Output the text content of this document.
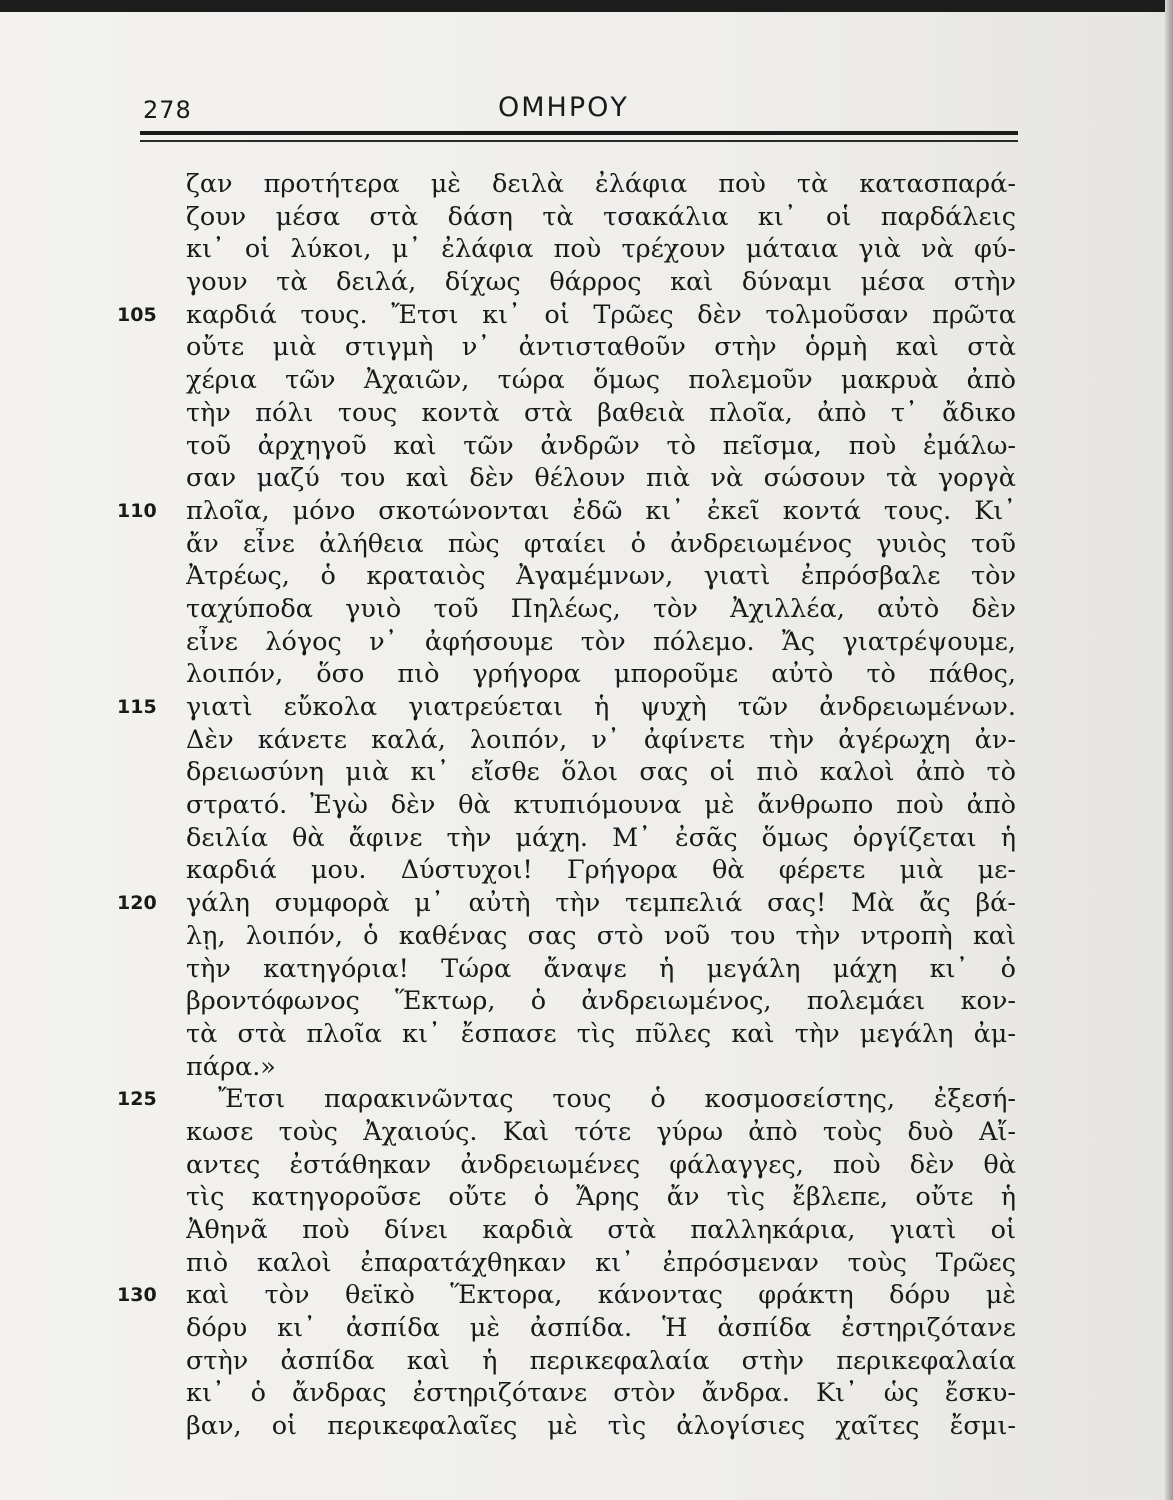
278	ΟΜΗΡΟΥ
ζαν προτήτερα μὲ δειλὰ ἐλάφια ποὺ τὰ κατασπαρά-
ζουν μέσα στὰ δάση τὰ τσακάλια κι᾿ οἱ παρδάλεις
κι᾿ οἱ λύκοι, μ᾿ ἐλάφια ποὺ τρέχουν μάταια γιὰ νὰ φύ-
γουν τὰ δειλά, δίχως θάρρος καὶ δύναμι μέσα στὴν
105 καρδιά τους. Ἔτσι κι᾿ οἱ Τρῶες δὲν τολμοῦσαν πρῶτα
οὔτε μιὰ στιγμὴ ν᾿ ἀντισταθοῦν στὴν ὁρμὴ καὶ στὰ
χέρια τῶν Ἀχαιῶν, τώρα ὅμως πολεμοῦν μακρυὰ ἀπὸ
τὴν πόλι τους κοντὰ στὰ βαθειὰ πλοῖα, ἀπὸ τ᾿ ἄδικο
τοῦ ἀρχηγοῦ καὶ τῶν ἀνδρῶν τὸ πεῖσμα, ποὺ ἐμάλω-
σαν μαζύ του καὶ δὲν θέλουν πιὰ νὰ σώσουν τὰ γοργὰ
110 πλοῖα, μόνο σκοτώνονται ἐδῶ κι᾿ ἐκεῖ κοντά τους. Κι᾿
ἄν εἶνε ἀλήθεια πὼς φταίει ὁ ἀνδρειωμένος γυιὸς τοῦ
Ἀτρέως, ὁ κραταιὸς Ἀγαμέμνων, γιατὶ ἐπρόσβαλε τὸν
ταχύποδα γυιὸ τοῦ Πηλέως, τὸν Ἀχιλλέα, αὐτὸ δὲν
εἶνε λόγος ν᾿ ἀφήσουμε τὸν πόλεμο. Ἄς γιατρέψουμε,
λοιπόν, ὅσο πιὸ γρήγορα μποροῦμε αὐτὸ τὸ πάθος,
115 γιατὶ εὔκολα γιατρεύεται ἡ ψυχὴ τῶν ἀνδρειωμένων.
Δὲν κάνετε καλά, λοιπόν, ν᾿ ἀφίνετε τὴν ἀγέρωχη ἀν-
δρειωσύνη μιὰ κι᾿ εἴσθε ὅλοι σας οἱ πιὸ καλοὶ ἀπὸ τὸ
στρατό. Ἐγὼ δὲν θὰ κτυπιόμουνα μὲ ἄνθρωπο ποὺ ἀπὸ
δειλία θὰ ἄφινε τὴν μάχη. Μ᾿ ἐσᾶς ὅμως ὀργίζεται ἡ
καρδιά μου. Δύστυχοι! Γρήγορα θὰ φέρετε μιὰ με-
120 γάλη συμφορὰ μ᾿ αὐτὴ τὴν τεμπελιά σας! Μὰ ἄς βά-
λῃ, λοιπόν, ὁ καθένας σας στὸ νοῦ του τὴν ντροπὴ καὶ
τὴν κατηγόρια! Τώρα ἄναψε ἡ μεγάλη μάχη κι᾿ ὁ
βροντόφωνος Ἕκτωρ, ὁ ἀνδρειωμένος, πολεμάει κον-
τὰ στὰ πλοῖα κι᾿ ἔσπασε τὶς πῦλες καὶ τὴν μεγάλη ἀμ-
πάρα.»
125 Ἔτσι παρακινῶντας τους ὁ κοσμοσείστης, ἐξεσή-
κωσε τοὺς Ἀχαιούς. Καὶ τότε γύρω ἀπὸ τοὺς δυὸ Αἴ-
αντες ἐστάθηκαν ἀνδρειωμένες φάλαγγες, ποὺ δὲν θὰ
τὶς κατηγοροῦσε οὔτε ὁ Ἄρης ἄν τὶς ἔβλεπε, οὔτε ἡ
Ἀθηνᾶ ποὺ δίνει καρδιὰ στὰ παλληκάρια, γιατὶ οἱ
πιὸ καλοὶ ἐπαρατάχθηκαν κι᾿ ἐπρόσμεναν τοὺς Τρῶες
130 καὶ τὸν θεϊκὸ Ἕκτορα, κάνοντας φράκτη δόρυ μὲ
δόρυ κι᾿ ἀσπίδα μὲ ἀσπίδα. Ἡ ἀσπίδα ἐστηριζότανε
στὴν ἀσπίδα καὶ ἡ περικεφαλαία στὴν περικεφαλαία
κι᾿ ὁ ἄνδρας ἐστηριζότανε στὸν ἄνδρα. Κι᾿ ὡς ἔσκυ-
βαν, οἱ περικεφαλαῖες μὲ τὶς ἀλογίσιες χαῖτες ἔσμι-
